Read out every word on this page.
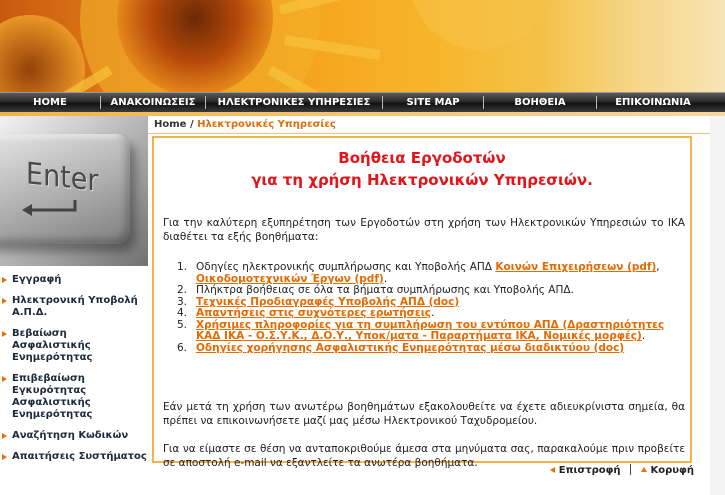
HOME	ΑΝΑΚΟΙΝΩΣΕΙΣ	ΗΛΕΚΤΡΟΝΙΚΕΣ ΥΠΗΡΕΣΙΕΣ	SITE MAP	ΒΟΗΘΕΙΑ	ΕΠΙΚΟΙΝΩΝΙΑ
Enter
Εγγραφή
Ηλεκτρονική Υποβολή Α.Π.Δ.
Βεβαίωση Ασφαλιστικής Ενημερότητας
Επιβεβαίωση Εγκυρότητας Ασφαλιστικής Ενημερότητας
Αναζήτηση Κωδικών
Απαιτήσεις Συστήματος
Home / Ηλεκτρονικές Υπηρεσίες
Βοήθεια Εργοδοτών
για τη χρήση Ηλεκτρονικών Υπηρεσιών.
Για την καλύτερη εξυπηρέτηση των Εργοδοτών στη χρήση των Ηλεκτρονικών Υπηρεσιών το ΙΚΑ διαθέτει τα εξής βοηθήματα:
1. Οδηγίες ηλεκτρονικής συμπλήρωσης και Υποβολής ΑΠΔ Κοινών Επιχειρήσεων (pdf), Οικοδομοτεχνικών Έργων (pdf).
2. Πλήκτρα βοήθειας σε όλα τα βήματα συμπλήρωσης και Υποβολής ΑΠΔ.
3. Τεχνικές Προδιαγραφές Υποβολής ΑΠΔ (doc)
4. Απαντήσεις στις συχνότερες ερωτήσεις.
5. Χρήσιμες πληροφορίες για τη συμπλήρωση του εντύπου ΑΠΔ (Δραστηριότητες ΚΑΔ ΙΚΑ - Ο.Σ.Υ.Κ., Δ.Ο.Υ., Υποκ/ματα - Παραρτήματα ΙΚΑ, Νομικές μορφές).
6. Οδηγίες χορήγησης Ασφαλιστικής Ενημερότητας μέσω διαδικτύου (doc)
Εάν μετά τη χρήση των ανωτέρω βοηθημάτων εξακολουθείτε να έχετε αδιευκρίνιστα σημεία, θα πρέπει να επικοινωνήσετε μαζί μας μέσω Ηλεκτρονικού Ταχυδρομείου.
Για να είμαστε σε θέση να ανταποκριθούμε άμεσα στα μηνύματα σας, παρακαλούμε πριν προβείτε σε αποστολή e-mail να εξαντλείτε τα ανωτέρα βοηθήματα.
Επιστροφή	Κορυφή
